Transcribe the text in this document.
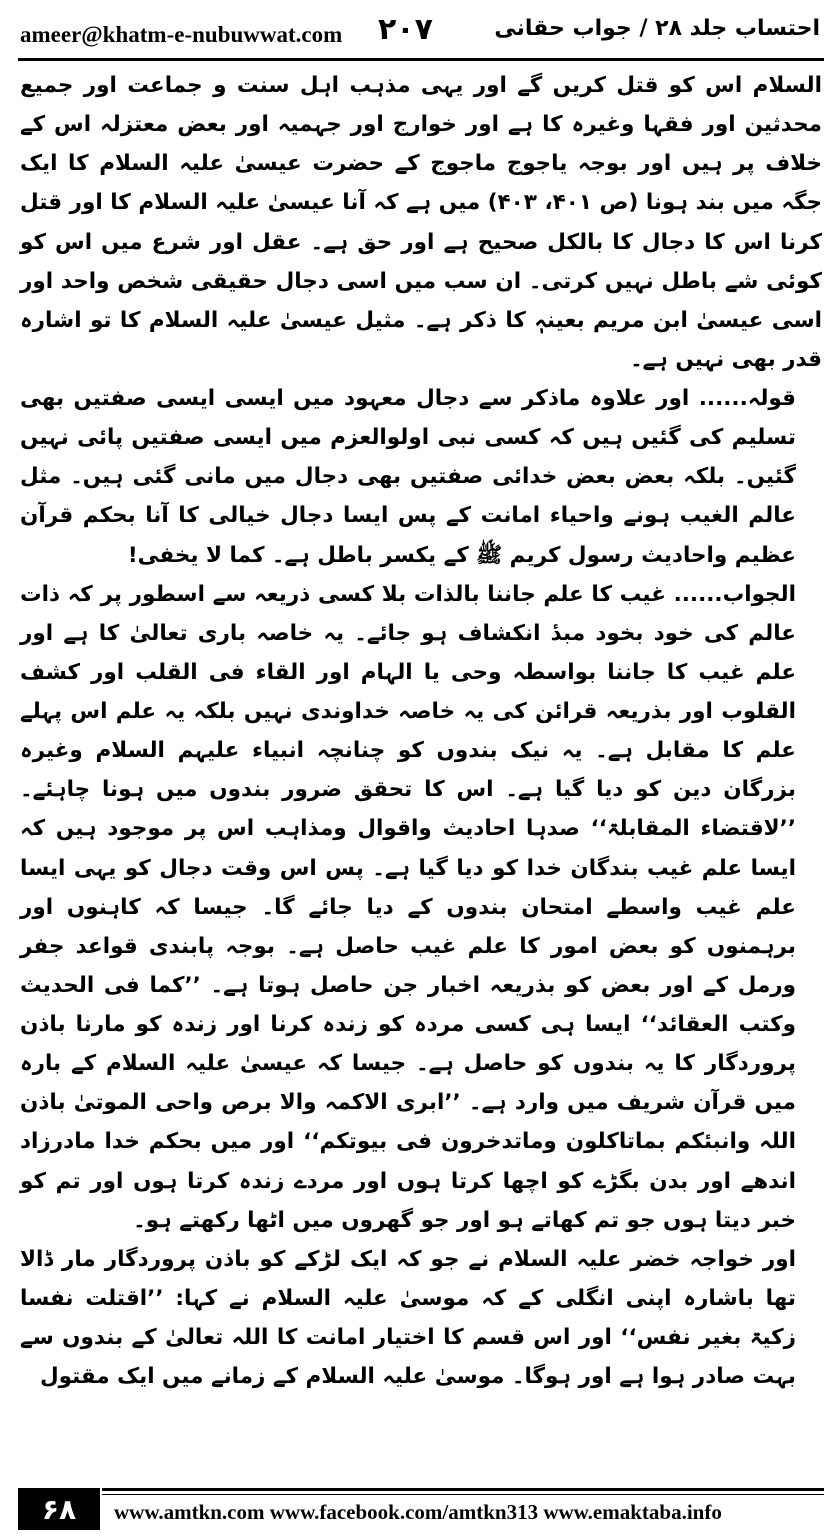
ameer@khatm-e-nubuwwat.com ۲۰۷	احتساب جلد ۲۸ / جواب حقانی

السلام اس کو قتل کریں گے اور یہی مذہب اہل سنت و جماعت اور جمیع محدثین اور فقہا وغیرہ کا ہے اور خوارج اور جہمیہ اور بعض معتزلہ اس کے خلاف پر ہیں اور بوجہ یاجوج ماجوج کے حضرت عیسیٰ علیہ السلام کا ایک جگہ میں بند ہونا (ص ۴۰۱، ۴۰۳) میں ہے کہ آنا عیسیٰ علیہ السلام کا اور قتل کرنا اس کا دجال کا بالکل صحیح ہے اور حق ہے۔ عقل اور شرع میں اس کو کوئی شے باطل نہیں کرتی۔ ان سب میں اسی دجال حقیقی شخص واحد اور اسی عیسیٰ ابن مریم بعینہٖ کا ذکر ہے۔ مثیل عیسیٰ علیہ السلام کا تو اشارہ قدر بھی نہیں ہے۔

قولہ...... اور علاوہ ماذکر سے دجال معہود میں ایسی ایسی صفتیں بھی تسلیم کی گئیں ہیں کہ کسی نبی اولوالعزم میں ایسی صفتیں پائی نہیں گئیں۔ بلکہ بعض بعض خدائی صفتیں بھی دجال میں مانی گئی ہیں۔ مثل عالم الغیب ہونے واحیاء امانت کے پس ایسا دجال خیالی کا آنا بحکم قرآن عظیم واحادیث رسول کریم ﷺ کے یکسر باطل ہے۔ کما لا یخفی!

الجواب...... غیب کا علم جاننا بالذات بلا کسی ذریعہ سے اسطور پر کہ ذات عالم کی خود بخود مبدٔ انکشاف ہو جائے۔ یہ خاصہ باری تعالیٰ کا ہے اور علم غیب کا جاننا بواسطہ وحی یا الہام اور القاء فی القلب اور کشف القلوب اور بذریعہ قرائن کی یہ خاصہ خداوندی نہیں بلکہ یہ علم اس پہلے علم کا مقابل ہے۔ یہ نیک بندوں کو چنانچہ انبیاء علیہم السلام وغیرہ بزرگان دین کو دیا گیا ہے۔ اس کا تحقق ضرور بندوں میں ہونا چاہئے۔ ’’لاقتضاء المقابلۃ‘‘ صدہا احادیث واقوال ومذاہب اس پر موجود ہیں کہ ایسا علم غیب بندگان خدا کو دیا گیا ہے۔ پس اس وقت دجال کو یہی ایسا علم غیب واسطے امتحان بندوں کے دیا جائے گا۔ جیسا کہ کاہنوں اور برہمنوں کو بعض امور کا علم غیب حاصل ہے۔ بوجہ پابندی قواعد جفر ورمل کے اور بعض کو بذریعہ اخبار جن حاصل ہوتا ہے۔ ’’کما فی الحدیث وکتب العقائد‘‘ ایسا ہی کسی مردہ کو زندہ کرنا اور زندہ کو مارنا باذن پروردگار کا یہ بندوں کو حاصل ہے۔ جیسا کہ عیسیٰ علیہ السلام کے بارہ میں قرآن شریف میں وارد ہے۔ ’’ابری الاکمہ والا برص واحی الموتیٰ باذن اللہ وانبئکم بماتاکلون وماتدخرون فی بیوتکم‘‘ اور میں بحکم خدا مادرزاد اندھے اور بدن بگڑے کو اچھا کرتا ہوں اور مردے زندہ کرتا ہوں اور تم کو خبر دیتا ہوں جو تم کھاتے ہو اور جو گھروں میں اٹھا رکھتے ہو۔

اور خواجہ خضر علیہ السلام نے جو کہ ایک لڑکے کو باذن پروردگار مار ڈالا تھا باشارہ اپنی انگلی کے کہ موسیٰ علیہ السلام نے کہا: ’’اقتلت نفسا زکیۃ بغیر نفس‘‘ اور اس قسم کا اختیار امانت کا اللہ تعالیٰ کے بندوں سے بہت صادر ہوا ہے اور ہوگا۔ موسیٰ علیہ السلام کے زمانے میں ایک مقتول

۶۸	www.amtkn.com www.facebook.com/amtkn313 www.emaktaba.info
